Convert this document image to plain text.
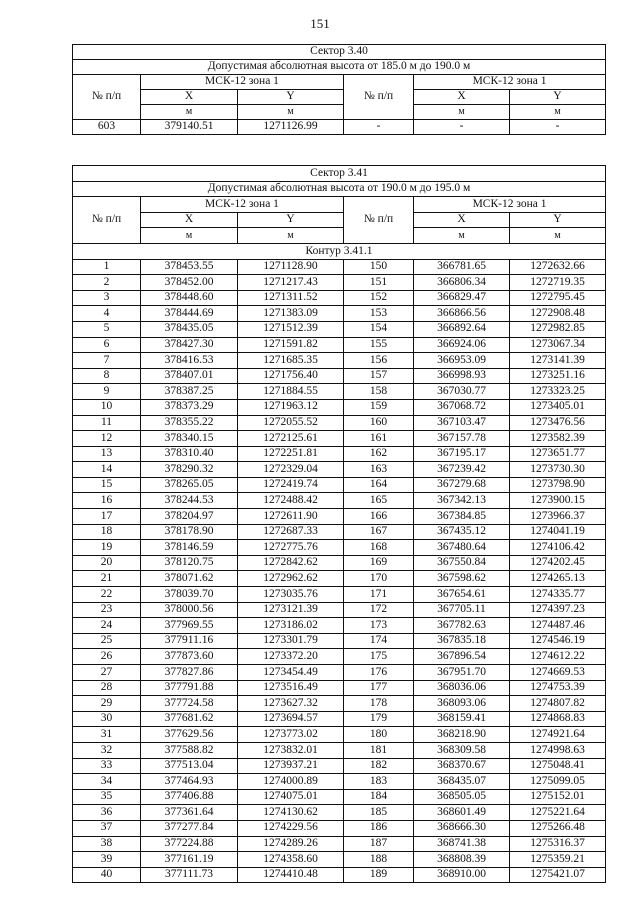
151
Сектор 3.40					
Допустимая абсолютная высота от 185.0 м до 190.0 м					
№ п/п	МСК-12 зона 1		№ п/п	МСК-12 зона 1	
	X	Y		X	Y
	м	м		м	м
603	379140.51	1271126.99	-	-	-
Сектор 3.41					
Допустимая абсолютная высота от 190.0 м до 195.0 м					
№ п/п	МСК-12 зона 1		№ п/п	МСК-12 зона 1	
	X	Y		X	Y
	м	м		м	м
Контур 3.41.1					
1	378453.55	1271128.90	150	366781.65	1272632.66
2	378452.00	1271217.43	151	366806.34	1272719.35
3	378448.60	1271311.52	152	366829.47	1272795.45
4	378444.69	1271383.09	153	366866.56	1272908.48
5	378435.05	1271512.39	154	366892.64	1272982.85
6	378427.30	1271591.82	155	366924.06	1273067.34
7	378416.53	1271685.35	156	366953.09	1273141.39
8	378407.01	1271756.40	157	366998.93	1273251.16
9	378387.25	1271884.55	158	367030.77	1273323.25
10	378373.29	1271963.12	159	367068.72	1273405.01
11	378355.22	1272055.52	160	367103.47	1273476.56
12	378340.15	1272125.61	161	367157.78	1273582.39
13	378310.40	1272251.81	162	367195.17	1273651.77
14	378290.32	1272329.04	163	367239.42	1273730.30
15	378265.05	1272419.74	164	367279.68	1273798.90
16	378244.53	1272488.42	165	367342.13	1273900.15
17	378204.97	1272611.90	166	367384.85	1273966.37
18	378178.90	1272687.33	167	367435.12	1274041.19
19	378146.59	1272775.76	168	367480.64	1274106.42
20	378120.75	1272842.62	169	367550.84	1274202.45
21	378071.62	1272962.62	170	367598.62	1274265.13
22	378039.70	1273035.76	171	367654.61	1274335.77
23	378000.56	1273121.39	172	367705.11	1274397.23
24	377969.55	1273186.02	173	367782.63	1274487.46
25	377911.16	1273301.79	174	367835.18	1274546.19
26	377873.60	1273372.20	175	367896.54	1274612.22
27	377827.86	1273454.49	176	367951.70	1274669.53
28	377791.88	1273516.49	177	368036.06	1274753.39
29	377724.58	1273627.32	178	368093.06	1274807.82
30	377681.62	1273694.57	179	368159.41	1274868.83
31	377629.56	1273773.02	180	368218.90	1274921.64
32	377588.82	1273832.01	181	368309.58	1274998.63
33	377513.04	1273937.21	182	368370.67	1275048.41
34	377464.93	1274000.89	183	368435.07	1275099.05
35	377406.88	1274075.01	184	368505.05	1275152.01
36	377361.64	1274130.62	185	368601.49	1275221.64
37	377277.84	1274229.56	186	368666.30	1275266.48
38	377224.88	1274289.26	187	368741.38	1275316.37
39	377161.19	1274358.60	188	368808.39	1275359.21
40	377111.73	1274410.48	189	368910.00	1275421.07
